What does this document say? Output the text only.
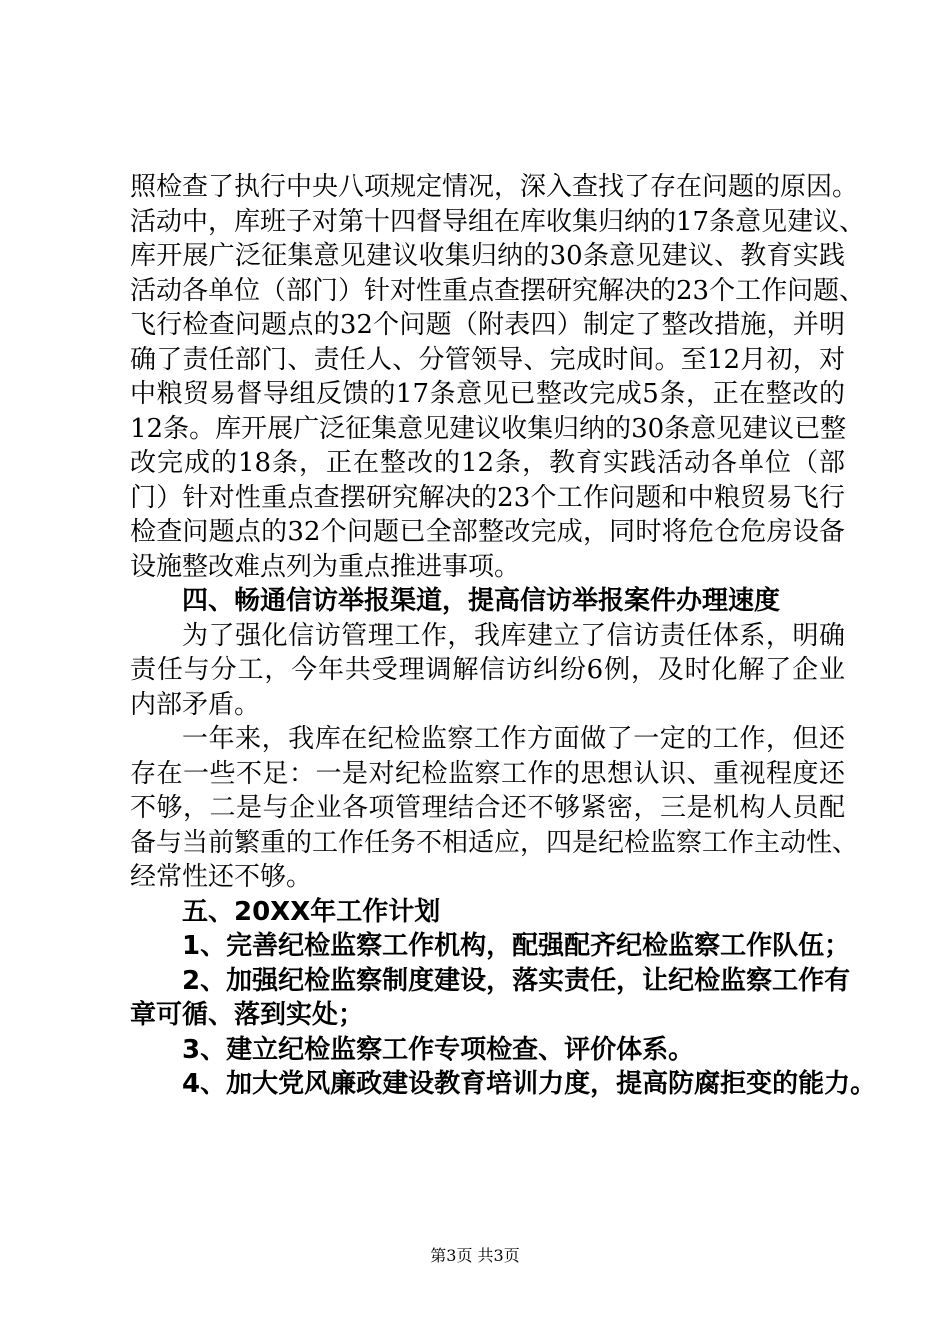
照检查了执行中央八项规定情况，深入查找了存在问题的原因。
活动中，库班子对第十四督导组在库收集归纳的17条意见建议、
库开展广泛征集意见建议收集归纳的30条意见建议、教育实践
活动各单位（部门）针对性重点查摆研究解决的23个工作问题、
飞行检查问题点的32个问题（附表四）制定了整改措施，并明
确了责任部门、责任人、分管领导、完成时间。至12月初，对
中粮贸易督导组反馈的17条意见已整改完成5条，正在整改的
12条。库开展广泛征集意见建议收集归纳的30条意见建议已整
改完成的18条，正在整改的12条，教育实践活动各单位（部
门）针对性重点查摆研究解决的23个工作问题和中粮贸易飞行
检查问题点的32个问题已全部整改完成，同时将危仓危房设备
设施整改难点列为重点推进事项。
四、畅通信访举报渠道，提高信访举报案件办理速度
为了强化信访管理工作，我库建立了信访责任体系，明确
责任与分工，今年共受理调解信访纠纷6例，及时化解了企业
内部矛盾。
一年来，我库在纪检监察工作方面做了一定的工作，但还
存在一些不足：一是对纪检监察工作的思想认识、重视程度还
不够，二是与企业各项管理结合还不够紧密，三是机构人员配
备与当前繁重的工作任务不相适应，四是纪检监察工作主动性、
经常性还不够。
五、20XX年工作计划
1、完善纪检监察工作机构，配强配齐纪检监察工作队伍；
2、加强纪检监察制度建设，落实责任，让纪检监察工作有
章可循、落到实处；
3、建立纪检监察工作专项检查、评价体系。
4、加大党风廉政建设教育培训力度，提高防腐拒变的能力。
第3页 共3页
